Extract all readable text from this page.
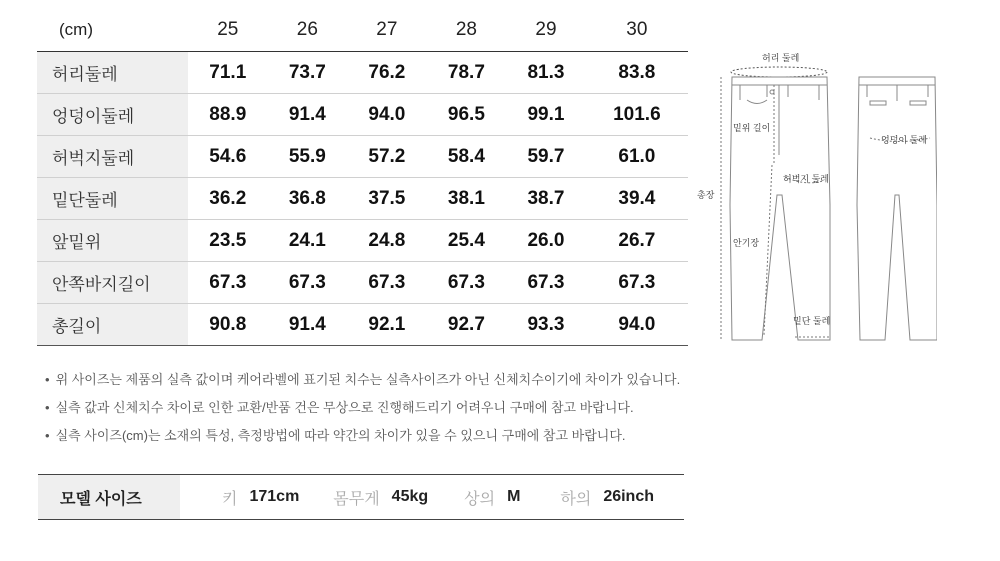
(cm)	25	26	27	28	29	30
허리둘레	71.1	73.7	76.2	78.7	81.3	83.8
엉덩이둘레	88.9	91.4	94.0	96.5	99.1	101.6
허벅지둘레	54.6	55.9	57.2	58.4	59.7	61.0
밑단둘레	36.2	36.8	37.5	38.1	38.7	39.4
앞밑위	23.5	24.1	24.8	25.4	26.0	26.7
안쪽바지길이	67.3	67.3	67.3	67.3	67.3	67.3
총길이	90.8	91.4	92.1	92.7	93.3	94.0
허리 둘레
밑위 길이
허벅지 둘레
총장
안기장
밑단 둘레
엉덩이 둘레
• 위 사이즈는 제품의 실측 값이며 케어라벨에 표기된 치수는 실측사이즈가 아닌 신체치수이기에 차이가 있습니다.
• 실측 값과 신체치수 차이로 인한 교환/반품 건은 무상으로 진행해드리기 어려우니 구매에 참고 바랍니다.
• 실측 사이즈(cm)는 소재의 특성, 측정방법에 따라 약간의 차이가 있을 수 있으니 구매에 참고 바랍니다.
모델 사이즈	키 171cm 몸무게 45kg 상의 M	하의 26inch
